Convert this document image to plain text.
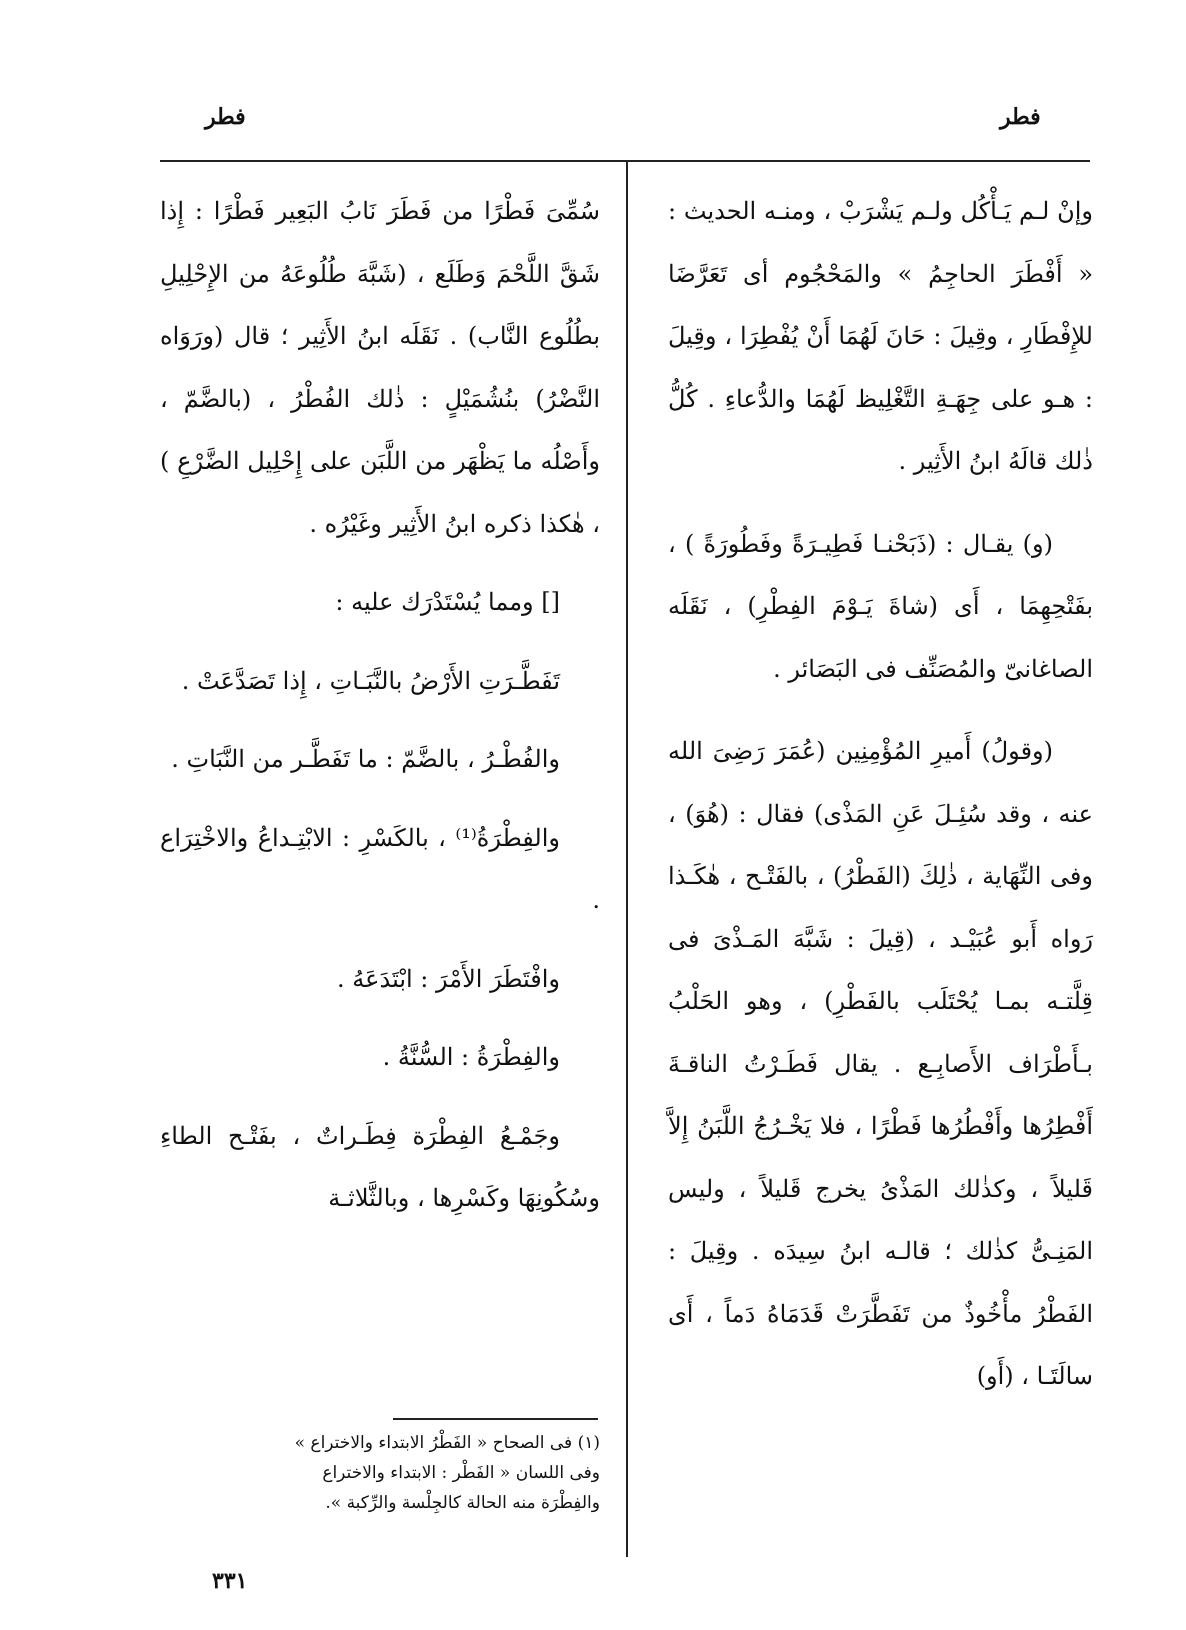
فطر
فطر

وإنْ لـم يَـأْكُل ولـم يَشْرَبْ ، ومنـه الحديث : « أَفْطَرَ الحاجِمُ » والمَحْجُوم أى تَعَرَّضَا للإِفْطَارِ ، وقِيلَ : حَانَ لَهُمَا أَنْ يُفْطِرَا ، وقِيلَ : هـو على جِهَـةِ التَّغْلِيظ لَهُمَا والدُّعاءِ . كُلُّ ذٰلك قالَهُ ابنُ الأَثِير .

(و) يقـال : (ذَبَحْنـا فَطِيـرَةً وفَطُورَةً ) ، بفَتْحِهِمَا ، أَى (شاةَ يَـوْمَ الفِطْرِ) ، نَقَلَه الصاغانىّ والمُصَنِّف فى البَصَائر .

(وقولُ) أَميرِ المُؤْمِنِين (عُمَرَ رَضِىَ الله عنه ، وقد سُئِـلَ عَنِ المَذْى) فقال : (هُوَ) ، وفى النِّهَاية ، ذٰلِكَ (الفَطْرُ) ، بالفَتْـح ، هٰكَـذا رَواه أَبو عُبَيْـد ، (قِيلَ : شَبَّهَ المَـذْىَ فى قِلَّتـه بمـا يُحْتَلَب بالفَطْرِ) ، وهو الحَلْبُ بـأَطْرَاف الأَصابِـع . يقال فَطَـرْتُ الناقـةَ أَفْطِرُها وأَفْطُرُها فَطْرًا ، فلا يَخْـرُجُ اللَّبَنُ إِلاَّ قَليلاً ، وكذٰلك المَذْىُ يخرج قَليلاً ، وليس المَنِـىُّ كذٰلك ؛ قالـه ابنُ سِيدَه . وقِيلَ : الفَطْرُ مأْخُوذٌ من تَفَطَّرَتْ قَدَمَاهُ دَماً ، أَى سالَتَـا ، (أَو)

سُمِّىَ فَطْرًا من فَطَرَ نَابُ البَعِير فَطْرًا : إِذا شَقَّ اللَّحْمَ وَطَلَع ، (شَبَّهَ طُلُوعَهُ من الإِحْلِيلِ بطُلُوع النَّاب) . نَقَلَه ابنُ الأَثِير ؛ قال (ورَوَاه النَّضْرُ) بنُشُمَيْلٍ : ذٰلك الفُطْرُ ، (بالضَّمّ ، وأَصْلُه ما يَظْهَر من اللَّبَن على إِحْلِيل الضَّرْعِ ) ، هٰكذا ذكره ابنُ الأَثِير وغَيْرُه .

[] ومما يُسْتَدْرَك عليه :

تَفَطَّـرَتِ الأَرْضُ بالنَّبَـاتِ ، إِذا تَصَدَّعَتْ .

والفُطْـرُ ، بالضَّمّ : ما تَفَطَّـر من النَّبَاتِ .

والفِطْرَةُ⁽¹⁾ ، بالكَسْرِ : الابْتِـداعُ والاخْتِرَاع .

وافْتَطَرَ الأَمْرَ : ابْتَدَعَهُ .

والفِطْرَةُ : السُّنَّةُ .

وجَمْـعُ الفِطْرَة فِطَـراتٌ ، بفَتْـح الطاءِ وسُكُونِهَا وكَسْرِها ، وبالثَّلاثـة

(١) فى الصحاح « الفَطْرُ الابتداء والاختراع »
وفى اللسان « الفَطْر : الابتداء والاختراع
والفِطْرَة منه الحالة كالجِلْسة والرِّكبة ».
٣٣١
